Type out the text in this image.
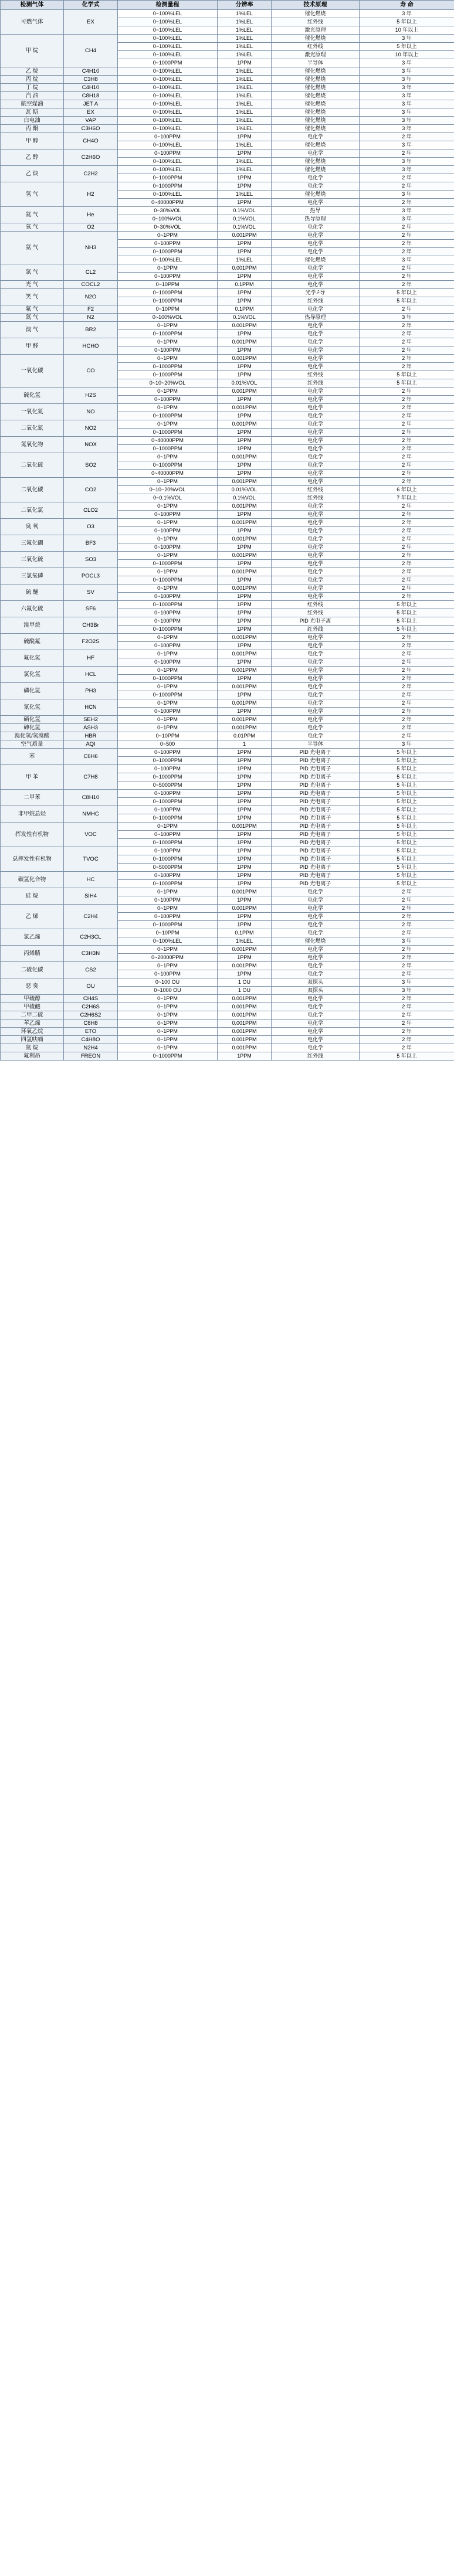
检测气体	化学式	检测量程	分辨率	技术原理	寿 命
可燃气体	EX	0~100%LEL	1%LEL	催化燃烧	3 年
		0~100%LEL	1%LEL	红外线	5 年以上
		0~100%LEL	1%LEL	激光原理	10 年以上
甲 烷	CH4	0~100%LEL	1%LEL	催化燃烧	3 年
		0~100%LEL	1%LEL	红外线	5 年以上
		0~100%LEL	1%LEL	激光原理	10 年以上
		0~1000PPM	1PPM	半导体	3 年
乙 烷	C4H10	0~100%LEL	1%LEL	催化燃烧	3 年
丙 烷	C3H8	0~100%LEL	1%LEL	催化燃烧	3 年
丁 烷	C4H10	0~100%LEL	1%LEL	催化燃烧	3 年
汽 油	C8H18	0~100%LEL	1%LEL	催化燃烧	3 年
航空煤油	JET A	0~100%LEL	1%LEL	催化燃烧	3 年
瓦 斯	EX	0~100%LEL	1%LEL	催化燃烧	3 年
白电油	VAP	0~100%LEL	1%LEL	催化燃烧	3 年
丙 酮	C3H6O	0~100%LEL	1%LEL	催化燃烧	3 年
甲 醇	CH4O	0~100PPM	1PPM	电化学	2 年
		0~100%LEL	1%LEL	催化燃烧	3 年
乙 醇	C2H6O	0~100PPM	1PPM	电化学	2 年
		0~100%LEL	1%LEL	催化燃烧	3 年
乙 炔	C2H2	0~100%LEL	1%LEL	催化燃烧	3 年
		0~1000PPM	1PPM	电化学	2 年
氢 气	H2	0~1000PPM	1PPM	电化学	2 年
		0~100%LEL	1%LEL	催化燃烧	3 年
		0~40000PPM	1PPM	电化学	2 年
氦 气	He	0~30%VOL	0.1%VOL	热导	3 年
		0~100%VOL	0.1%VOL	热导原理	3 年
氧 气	O2	0~30%VOL	0.1%VOL	电化学	2 年
氨 气	NH3	0~1PPM	0.001PPM	电化学	2 年
		0~100PPM	1PPM	电化学	2 年
		0~1000PPM	1PPM	电化学	2 年
		0~100%LEL	1%LEL	催化燃烧	3 年
氯 气	CL2	0~1PPM	0.001PPM	电化学	2 年
		0~100PPM	1PPM	电化学	2 年
光 气	COCL2	0~10PPM	0.1PPM	电化学	2 年
笑 气	N2O	0~1000PPM	1PPM	光学ން导	5 年以上
		0~1000PPM	1PPM	红外线	5 年以上
氟 气	F2	0~10PPM	0.1PPM	电化学	2 年
氮 气	N2	0~100%VOL	0.1%VOL	热导原理	3 年
溴 气	BR2	0~1PPM	0.001PPM	电化学	2 年
		0~1000PPM	1PPM	电化学	2 年
甲 醛	HCHO	0~1PPM	0.001PPM	电化学	2 年
		0~100PPM	1PPM	电化学	2 年
一氧化碳	CO	0~1PPM	0.001PPM	电化学	2 年
		0~1000PPM	1PPM	电化学	2 年
		0~1000PPM	1PPM	红外线	5 年以上
		0~10~20%VOL	0.01%VOL	红外线	5 年以上
硫化氢	H2S	0~1PPM	0.001PPM	电化学	2 年
		0~100PPM	1PPM	电化学	2 年
一氧化氮	NO	0~1PPM	0.001PPM	电化学	2 年
		0~1000PPM	1PPM	电化学	2 年
二氧化氮	NO2	0~1PPM	0.001PPM	电化学	2 年
		0~1000PPM	1PPM	电化学	2 年
氮氧化物	NOX	0~40000PPM	1PPM	电化学	2 年
		0~1000PPM	1PPM	电化学	2 年
二氧化硫	SO2	0~1PPM	0.001PPM	电化学	2 年
		0~1000PPM	1PPM	电化学	2 年
		0~40000PPM	1PPM	电化学	2 年
二氧化碳	CO2	0~1PPM	0.001PPM	电化学	2 年
		0~10~20%VOL	0.01%VOL	红外线	6 年以上
		0~0.1%VOL	0.1%VOL	红外线	7 年以上
二氧化氯	CLO2	0~1PPM	0.001PPM	电化学	2 年
		0~100PPM	1PPM	电化学	2 年
臭 氧	O3	0~1PPM	0.001PPM	电化学	2 年
		0~100PPM	1PPM	电化学	2 年
三氟化硼	BF3	0~1PPM	0.001PPM	电化学	2 年
		0~100PPM	1PPM	电化学	2 年
三氧化硫	SO3	0~1PPM	0.001PPM	电化学	2 年
		0~1000PPM	1PPM	电化学	2 年
三氯氧磷	POCL3	0~1PPM	0.001PPM	电化学	2 年
		0~1000PPM	1PPM	电化学	2 年
硫 醚	SV	0~1PPM	0.001PPM	电化学	2 年
		0~100PPM	1PPM	电化学	2 年
六氟化硫	SF6	0~1000PPM	1PPM	红外线	5 年以上
		0~100PPM	1PPM	红外线	5 年以上
溴甲烷	CH3Br	0~100PPM	1PPM	PID 光电子离	5 年以上
		0~1000PPM	1PPM	红外线	5 年以上
硫酰氟	F2O2S	0~1PPM	0.001PPM	电化学	2 年
		0~100PPM	1PPM	电化学	2 年
氟化氢	HF	0~1PPM	0.001PPM	电化学	2 年
		0~100PPM	1PPM	电化学	2 年
氯化氢	HCL	0~1PPM	0.001PPM	电化学	2 年
		0~1000PPM	1PPM	电化学	2 年
磷化氢	PH3	0~1PPM	0.001PPM	电化学	2 年
		0~1000PPM	1PPM	电化学	2 年
氰化氢	HCN	0~1PPM	0.001PPM	电化学	2 年
		0~100PPM	1PPM	电化学	2 年
硒化氢	SEH2	0~1PPM	0.001PPM	电化学	2 年
砷化氢	ASH3	0~1PPM	0.001PPM	电化学	2 年
溴化氢/氢溴酸	HBR	0~10PPM	0.01PPM	电化学	2 年
空气质量	AQI	0~500	1	半导体	3 年
苯	C6H6	0~100PPM	1PPM	PID 光电离子	5 年以上
		0~1000PPM	1PPM	PID 光电离子	5 年以上
甲 苯	C7H8	0~100PPM	1PPM	PID 光电离子	5 年以上
		0~1000PPM	1PPM	PID 光电离子	5 年以上
		0~5000PPM	1PPM	PID 光电离子	5 年以上
二甲苯	C8H10	0~100PPM	1PPM	PID 光电离子	5 年以上
		0~1000PPM	1PPM	PID 光电离子	5 年以上
非甲烷总烃	NMHC	0~100PPM	1PPM	PID 光电离子	5 年以上
		0~1000PPM	1PPM	PID 光电离子	5 年以上
挥发性有机物	VOC	0~1PPM	0.001PPM	PID 光电离子	5 年以上
		0~100PPM	1PPM	PID 光电离子	5 年以上
		0~1000PPM	1PPM	PID 光电离子	5 年以上
总挥发性有机物	TVOC	0~100PPM	1PPM	PID 光电离子	5 年以上
		0~1000PPM	1PPM	PID 光电离子	5 年以上
		0~5000PPM	1PPM	PID 光电离子	5 年以上
碳氢化合物	HC	0~100PPM	1PPM	PID 光电离子	5 年以上
		0~1000PPM	1PPM	PID 光电离子	5 年以上
硅 烷	SIH4	0~1PPM	0.001PPM	电化学	2 年
		0~100PPM	1PPM	电化学	2 年
乙 烯	C2H4	0~1PPM	0.001PPM	电化学	2 年
		0~100PPM	1PPM	电化学	2 年
		0~1000PPM	1PPM	电化学	2 年
氯乙烯	C2H3CL	0~10PPM	0.1PPM	电化学	2 年
		0~100%LEL	1%LEL	催化燃烧	3 年
丙烯腈	C3H3N	0~1PPM	0.001PPM	电化学	2 年
		0~20000PPM	1PPM	电化学	2 年
二硫化碳	CS2	0~1PPM	0.001PPM	电化学	2 年
		0~100PPM	1PPM	电化学	2 年
恶 臭	OU	0~100 OU	1 OU	双探头	3 年
		0~1000 OU	1 OU	双探头	3 年
甲硫醇	CH4S	0~1PPM	0.001PPM	电化学	2 年
甲硫醚	C2H6S	0~1PPM	0.001PPM	电化学	2 年
二甲二硫	C2H6S2	0~1PPM	0.001PPM	电化学	2 年
苯乙烯	C8H8	0~1PPM	0.001PPM	电化学	2 年
环氧乙烷	ETO	0~1PPM	0.001PPM	电化学	2 年
四氢呋喃	C4H8O	0~1PPM	0.001PPM	电化学	2 年
氮 烷	N2H4	0~1PPM	0.001PPM	电化学	2 年
氟利昂	FREON	0~1000PPM	1PPM	红外线	5 年以上
